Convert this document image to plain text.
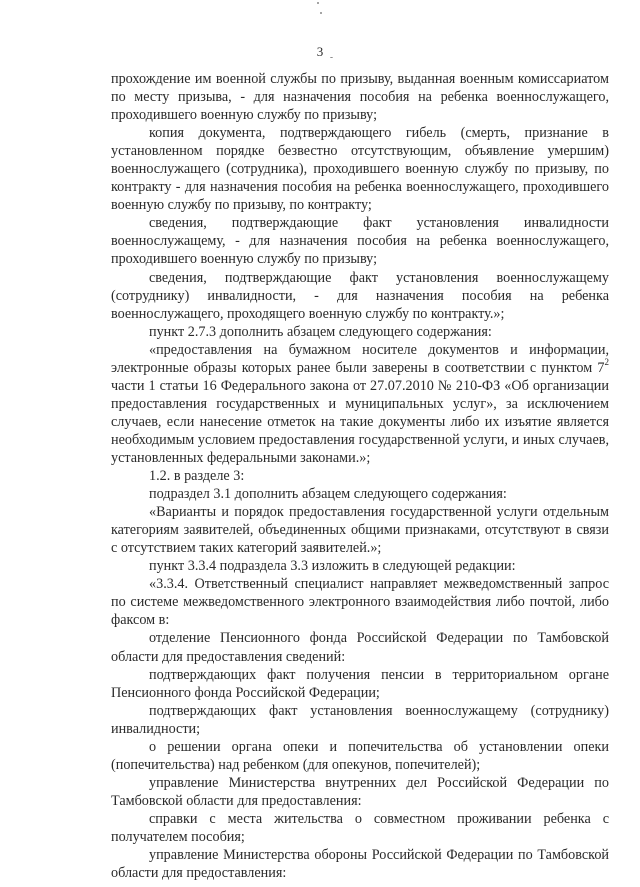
3

прохождение им военной службы по призыву, выданная военным комиссариатом по месту призыва, - для назначения пособия на ребенка военнослужащего, проходившего военную службу по призыву;

копия документа, подтверждающего гибель (смерть, признание в установленном порядке безвестно отсутствующим, объявление умершим) военнослужащего (сотрудника), проходившего военную службу по призыву, по контракту - для назначения пособия на ребенка военнослужащего, проходившего военную службу по призыву, по контракту;

сведения, подтверждающие факт установления инвалидности военнослужащему, - для назначения пособия на ребенка военнослужащего, проходившего военную службу по призыву;

сведения, подтверждающие факт установления военнослужащему (сотруднику) инвалидности, - для назначения пособия на ребенка военнослужащего, проходящего военную службу по контракту.»;

пункт 2.7.3 дополнить абзацем следующего содержания:

«предоставления на бумажном носителе документов и информации, электронные образы которых ранее были заверены в соответствии с пунктом $7^2$ части 1 статьи 16 Федерального закона от 27.07.2010 № 210-ФЗ «Об организации предоставления государственных и муниципальных услуг», за исключением случаев, если нанесение отметок на такие документы либо их изъятие является необходимым условием предоставления государственной услуги, и иных случаев, установленных федеральными законами.»;

1.2. в разделе 3:

подраздел 3.1 дополнить абзацем следующего содержания:

«Варианты и порядок предоставления государственной услуги отдельным категориям заявителей, объединенных общими признаками, отсутствуют в связи с отсутствием таких категорий заявителей.»;

пункт 3.3.4 подраздела 3.3 изложить в следующей редакции:

«3.3.4. Ответственный специалист направляет межведомственный запрос по системе межведомственного электронного взаимодействия либо почтой, либо факсом в:

отделение Пенсионного фонда Российской Федерации по Тамбовской области для предоставления сведений:

подтверждающих факт получения пенсии в территориальном органе Пенсионного фонда Российской Федерации;

подтверждающих факт установления военнослужащему (сотруднику) инвалидности;

о решении органа опеки и попечительства об установлении опеки (попечительства) над ребенком (для опекунов, попечителей);

управление Министерства внутренних дел Российской Федерации по Тамбовской области для предоставления:

справки с места жительства о совместном проживании ребенка с получателем пособия;

управление Министерства обороны Российской Федерации по Тамбовской области для предоставления:
